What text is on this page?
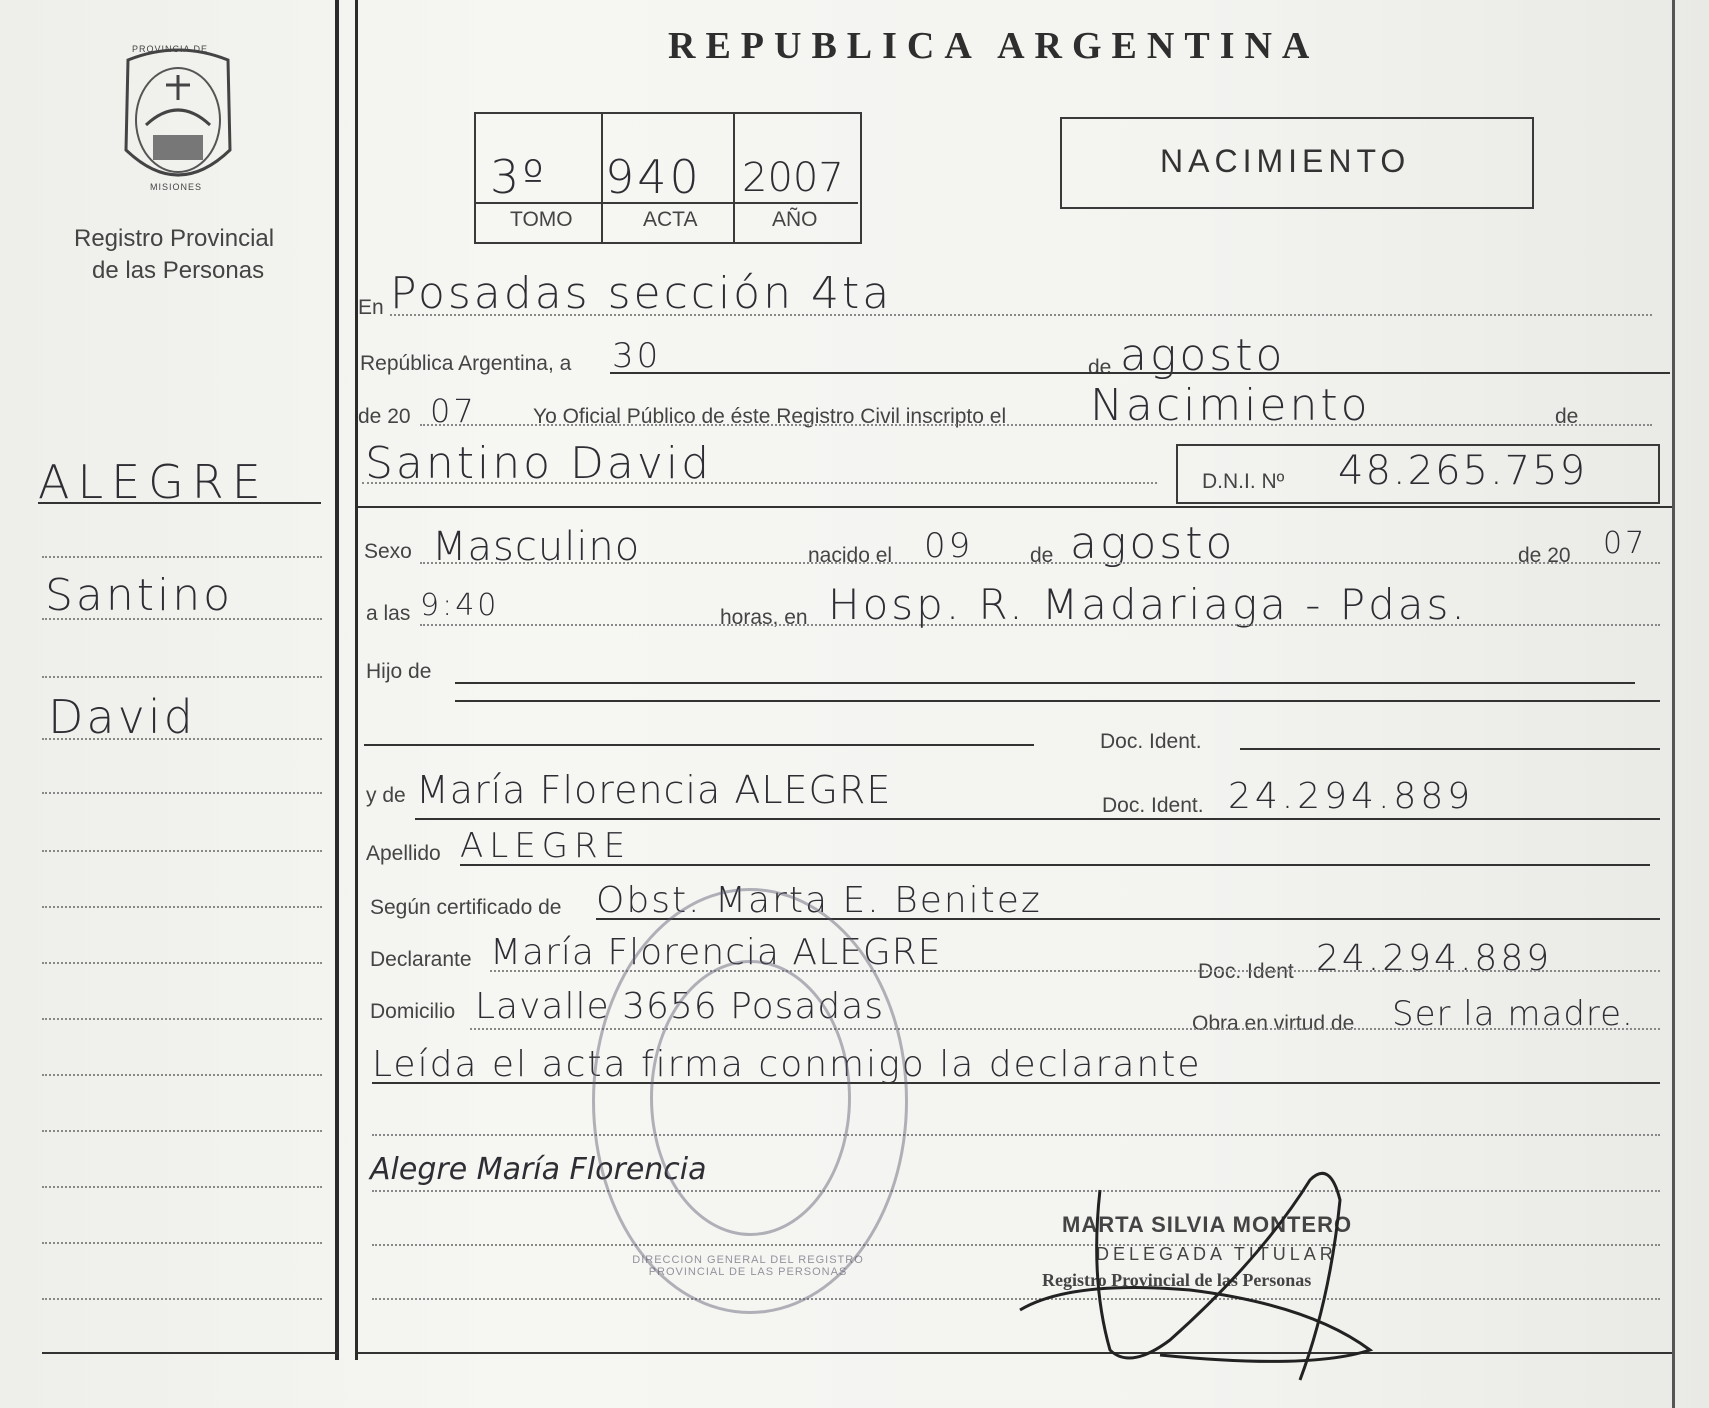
PROVINCIA DE
MISIONES
Registro Provincial
de las Personas
REPUBLICA ARGENTINA
3º 940 2007
TOMO	ACTA	AÑO
NACIMIENTO
ALEGRE
Santino
David
En Posadas sección 4ta
República Argentina, a 30	de agosto
de 20 07	Yo Oficial Público de éste Registro Civil inscripto el Nacimiento	de
Santino David	D.N.I. Nº 48.265.759
Sexo Masculino	nacido el 09	de agosto	de 20 07
a las 9:40	horas, en Hosp. R. Madariaga - Pdas.
Hijo de
Doc. Ident.
y de María Florencia ALEGRE	Doc. Ident. 24.294.889
Apellido ALEGRE
Según certificado de Obst. Marta E. Benitez
Declarante María Florencia ALEGRE	Doc. Ident 24.294.889
Domicilio Lavalle 3656 Posadas	Obra en virtud de Ser la madre.
Leída el acta firma conmigo la declarante
Alegre María Florencia
DIRECCION GENERAL DEL REGISTRO PROVINCIAL DE LAS PERSONAS
MARTA SILVIA MONTERO
DELEGADA TITULAR
Registro Provincial de las Personas
